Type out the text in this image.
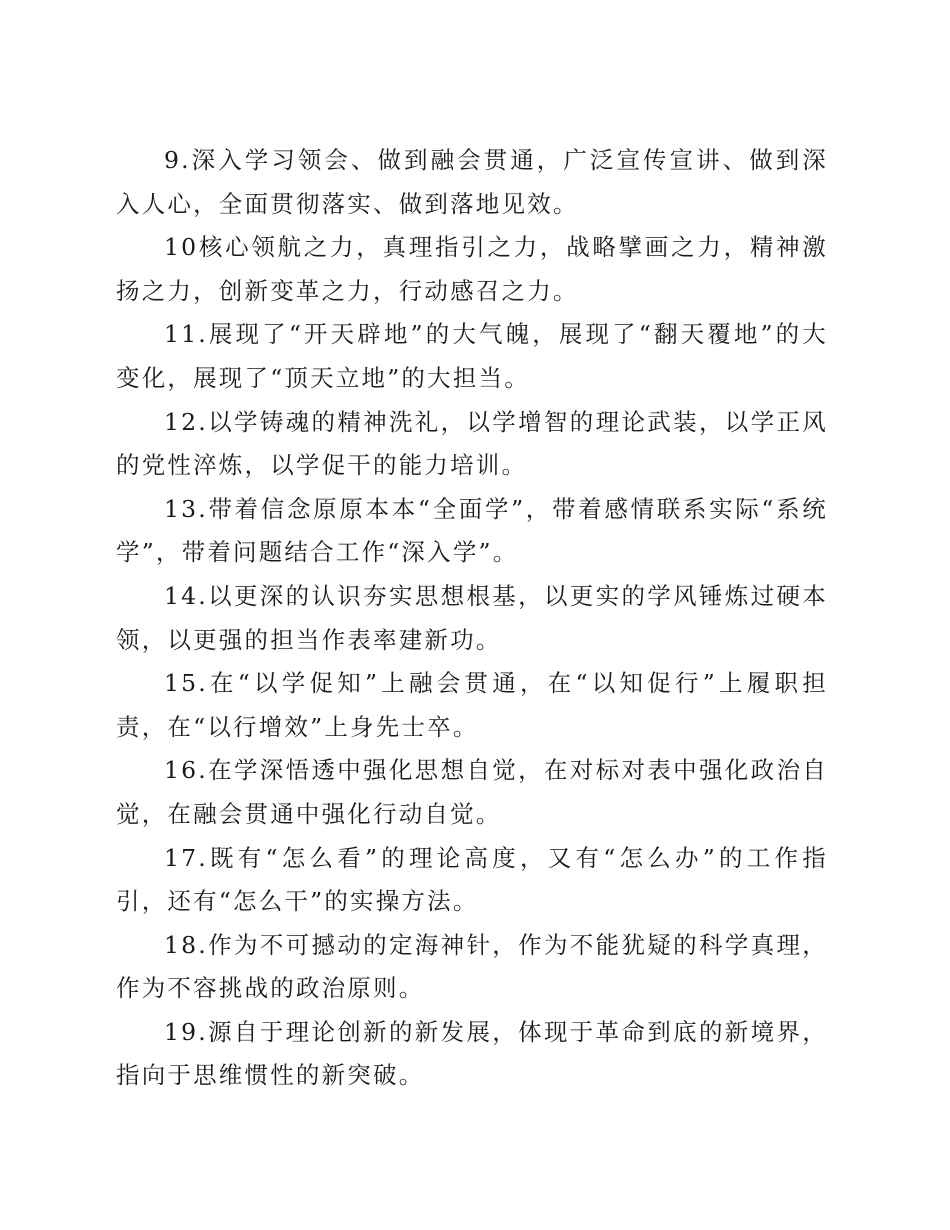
9.深入学习领会、做到融会贯通，广泛宣传宣讲、做到深入人心，全面贯彻落实、做到落地见效。

10核心领航之力，真理指引之力，战略擘画之力，精神激扬之力，创新变革之力，行动感召之力。

11.展现了“开天辟地”的大气魄，展现了“翻天覆地”的大变化，展现了“顶天立地”的大担当。

12.以学铸魂的精神洗礼，以学增智的理论武装，以学正风的党性淬炼，以学促干的能力培训。

13.带着信念原原本本“全面学”，带着感情联系实际“系统学”，带着问题结合工作“深入学”。

14.以更深的认识夯实思想根基，以更实的学风锤炼过硬本领，以更强的担当作表率建新功。

15.在“以学促知”上融会贯通，在“以知促行”上履职担责，在“以行增效”上身先士卒。

16.在学深悟透中强化思想自觉，在对标对表中强化政治自觉，在融会贯通中强化行动自觉。

17.既有“怎么看”的理论高度，又有“怎么办”的工作指引，还有“怎么干”的实操方法。

18.作为不可撼动的定海神针，作为不能犹疑的科学真理，作为不容挑战的政治原则。

19.源自于理论创新的新发展，体现于革命到底的新境界，指向于思维惯性的新突破。
